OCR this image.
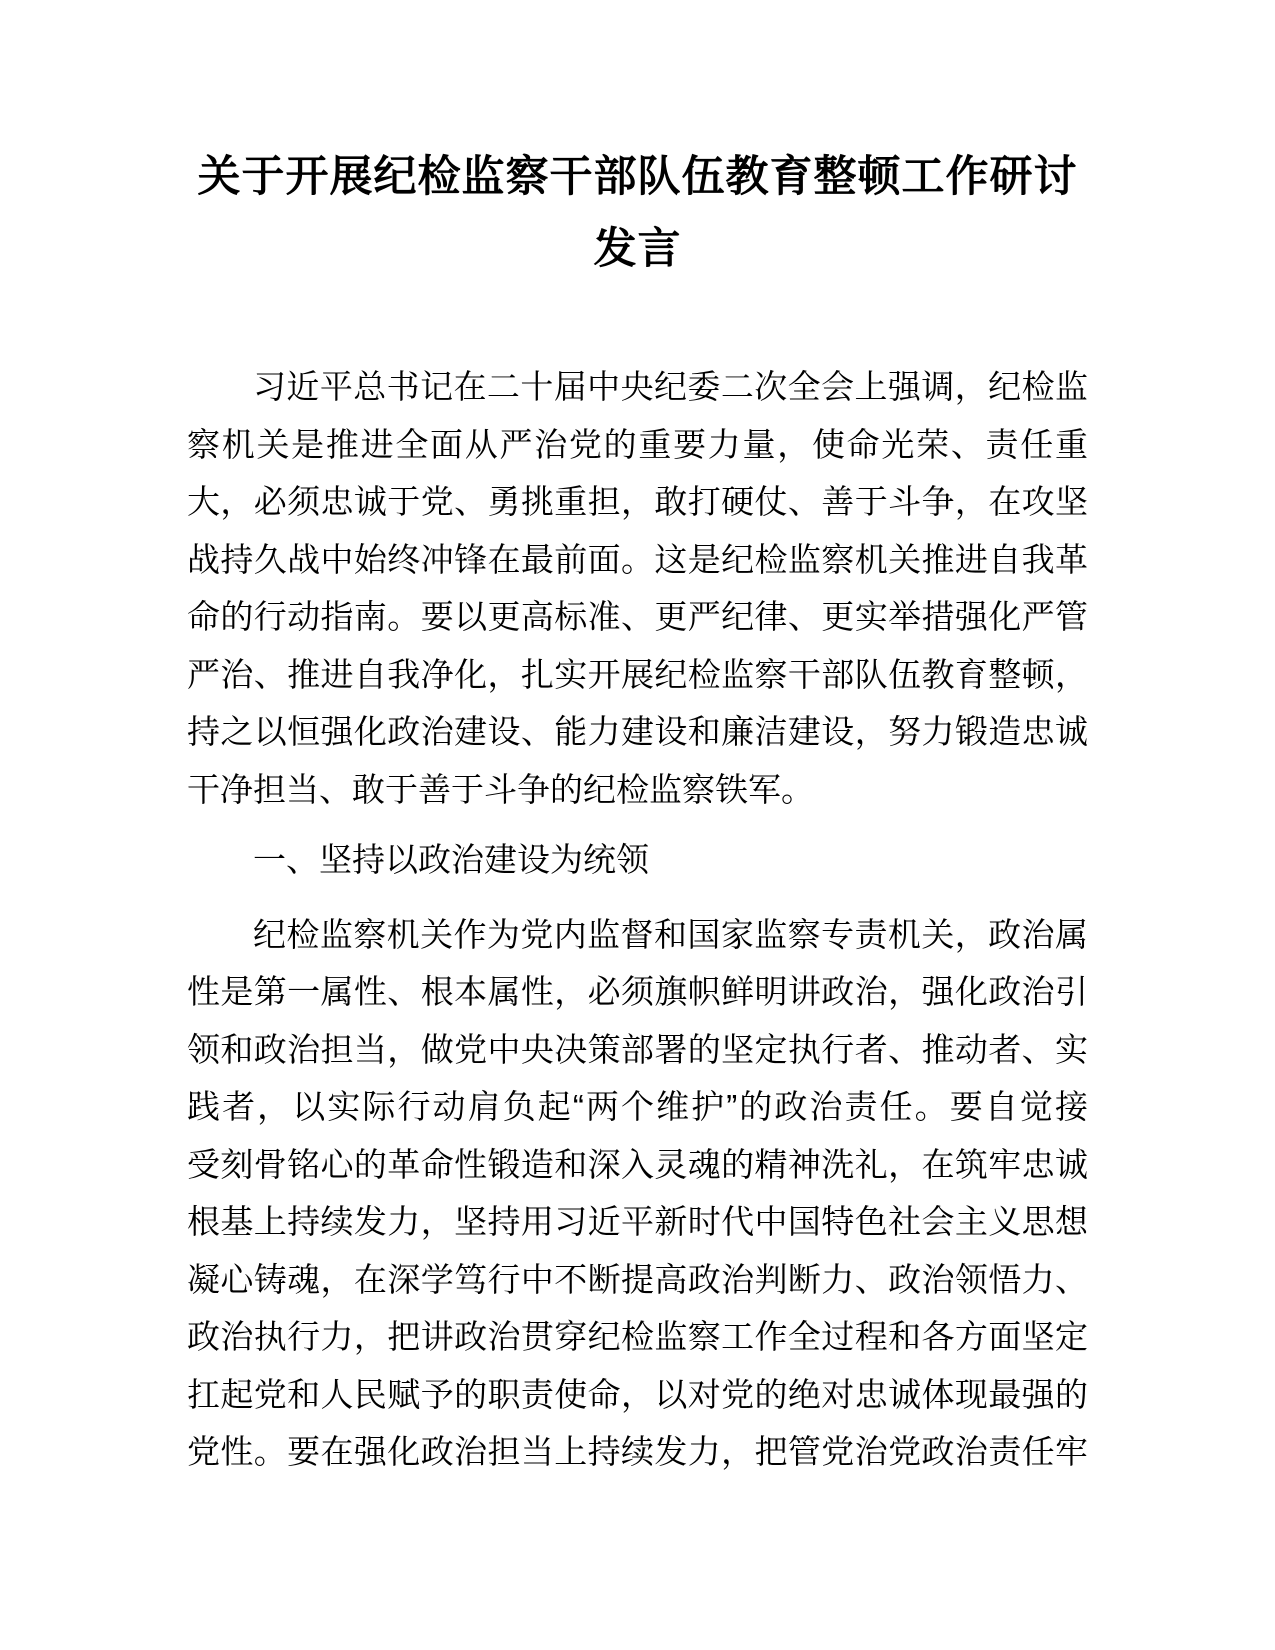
关于开展纪检监察干部队伍教育整顿工作研讨
发言
习近平总书记在二十届中央纪委二次全会上强调，纪检监
察机关是推进全面从严治党的重要力量，使命光荣、责任重
大，必须忠诚于党、勇挑重担，敢打硬仗、善于斗争，在攻坚
战持久战中始终冲锋在最前面。这是纪检监察机关推进自我革
命的行动指南。要以更高标准、更严纪律、更实举措强化严管
严治、推进自我净化，扎实开展纪检监察干部队伍教育整顿，
持之以恒强化政治建设、能力建设和廉洁建设，努力锻造忠诚
干净担当、敢于善于斗争的纪检监察铁军。
一、坚持以政治建设为统领
纪检监察机关作为党内监督和国家监察专责机关，政治属
性是第一属性、根本属性，必须旗帜鲜明讲政治，强化政治引
领和政治担当，做党中央决策部署的坚定执行者、推动者、实
践者，以实际行动肩负起“两个维护”的政治责任。要自觉接
受刻骨铭心的革命性锻造和深入灵魂的精神洗礼，在筑牢忠诚
根基上持续发力，坚持用习近平新时代中国特色社会主义思想
凝心铸魂，在深学笃行中不断提高政治判断力、政治领悟力、
政治执行力，把讲政治贯穿纪检监察工作全过程和各方面坚定
扛起党和人民赋予的职责使命，以对党的绝对忠诚体现最强的
党性。要在强化政治担当上持续发力，把管党治党政治责任牢
